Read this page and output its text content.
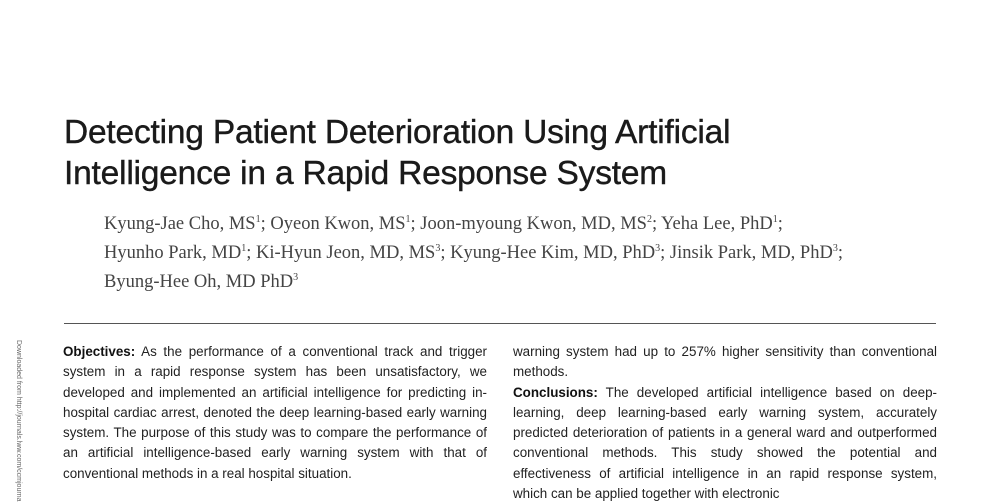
Downloaded from http://journals.lww.com/ccmjourna
Detecting Patient Deterioration Using Artificial
Intelligence in a Rapid Response System
Kyung-Jae Cho, $MS^1$; Oyeon Kwon, $MS^1$; Joon-myoung Kwon, MD, $MS^2$; Yeha Lee, PhD$^1$;
Hyunho Park, $MD^1$; Ki-Hyun Jeon, MD, $MS^3$; Kyung-Hee Kim, MD, PhD$^3$; Jinsik Park, MD, PhD$^3$;
Byung-Hee Oh, MD PhD$^3$
Objectives: As the performance of a conventional track and trigger system in a rapid response system has been unsatisfactory, we developed and implemented an artificial intelligence for predicting in-hospital cardiac arrest, denoted the deep learning-based early warning system. The purpose of this study was to compare the performance of an artificial intelligence-based early warning system with that of conventional methods in a real hospital situation.
warning system had up to 257% higher sensitivity than conventional methods.
Conclusions: The developed artificial intelligence based on deep-learning, deep learning-based early warning system, accurately predicted deterioration of patients in a general ward and outperformed conventional methods. This study showed the potential and effectiveness of artificial intelligence in an rapid response system, which can be applied together with electronic
